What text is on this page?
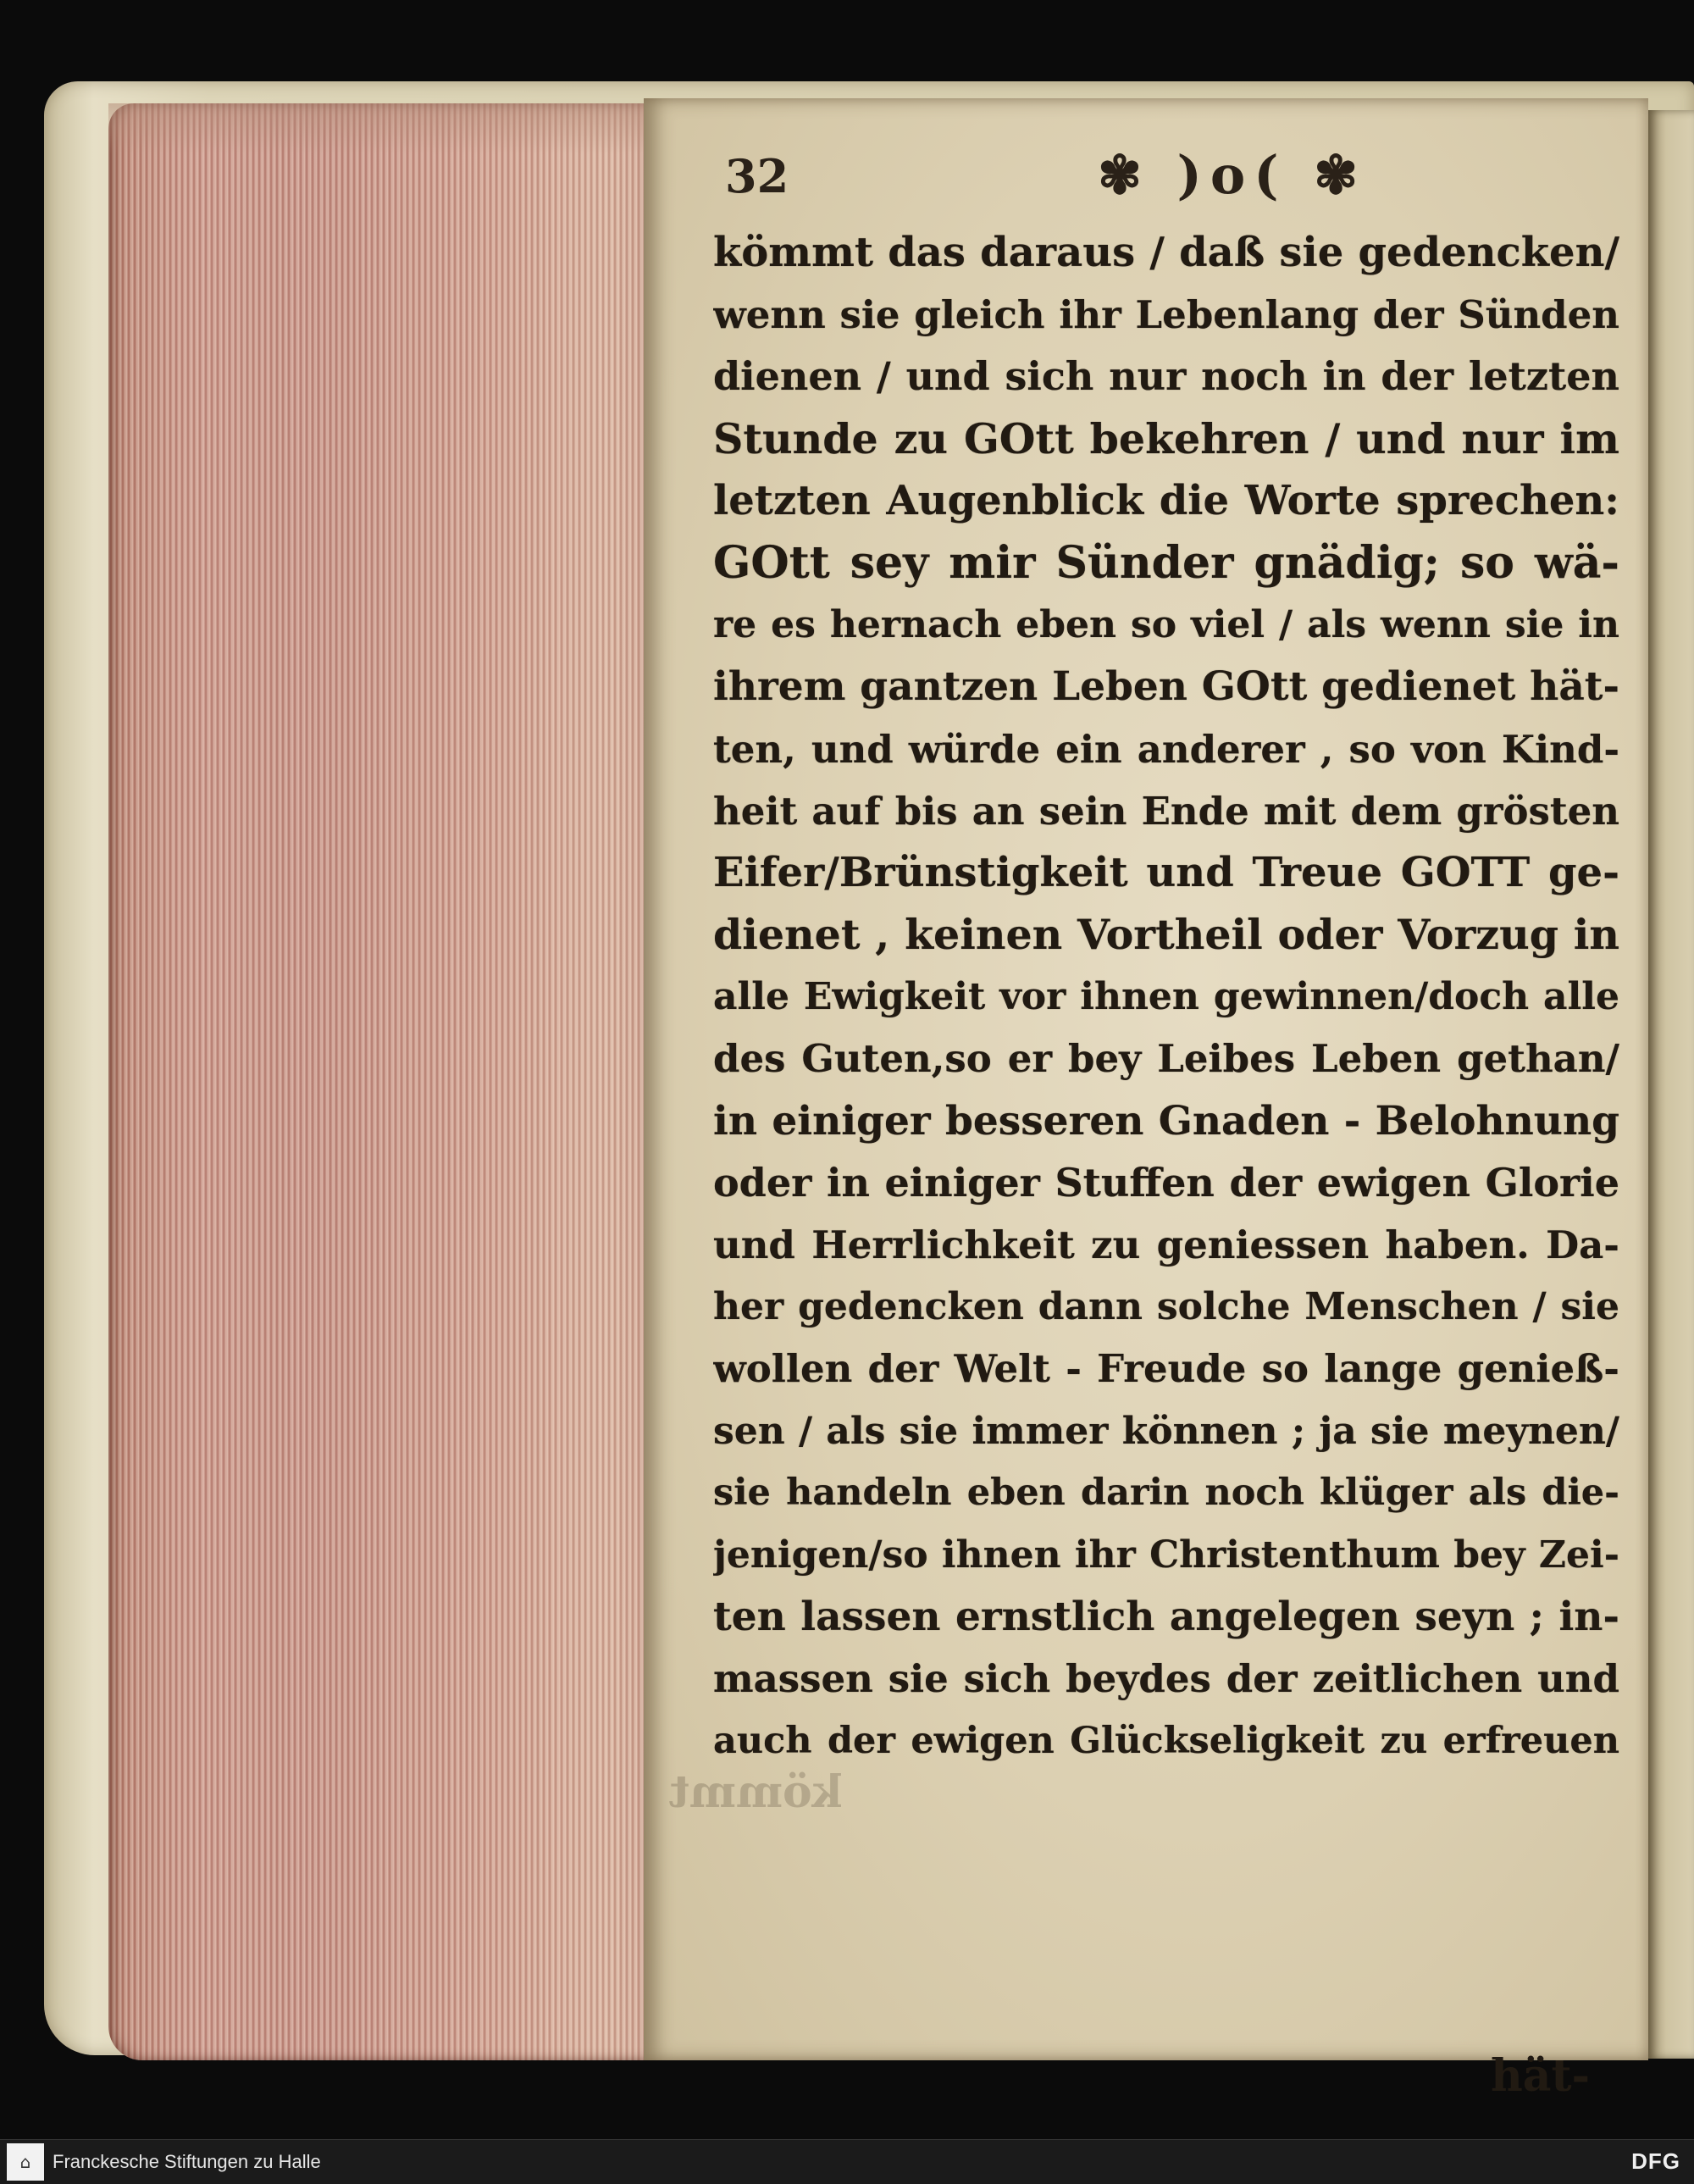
32	✾ )o( ✾
kömmt das daraus / daß sie gedencken/
wenn sie gleich ihr Lebenlang der Sünden
dienen / und sich nur noch in der letzten
Stunde zu GOtt bekehren / und nur im
letzten Augenblick die Worte sprechen:
GOtt sey mir Sünder gnädig; so wä-
re es hernach eben so viel / als wenn sie in
ihrem gantzen Leben GOtt gedienet hät-
ten, und würde ein anderer , so von Kind-
heit auf bis an sein Ende mit dem grösten
Eifer/Brünstigkeit und Treue GOTT ge-
dienet , keinen Vortheil oder Vorzug in
alle Ewigkeit vor ihnen gewinnen/doch alle
des Guten,so er bey Leibes Leben gethan/
in einiger besseren Gnaden - Belohnung
oder in einiger Stuffen der ewigen Glorie
und Herrlichkeit zu geniessen haben. Da-
her gedencken dann solche Menschen / sie
wollen der Welt - Freude so lange genieß-
sen / als sie immer können ; ja sie meynen/
sie handeln eben darin noch klüger als die-
jenigen/so ihnen ihr Christenthum bey Zei-
ten lassen ernstlich angelegen seyn ; in-
massen sie sich beydes der zeitlichen und
auch der ewigen Glückseligkeit zu erfreuen
kömmt
hät-
⌂ Franckesche Stiftungen zu Halle	DFG
